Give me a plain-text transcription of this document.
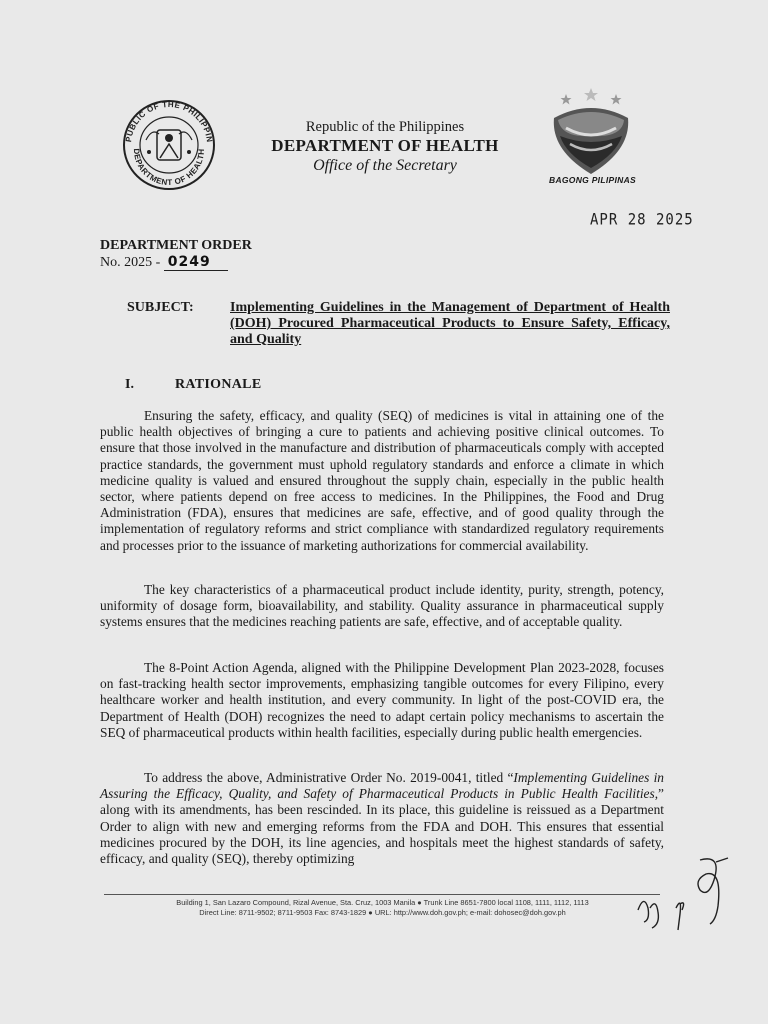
PUBLIC OF THE PHILIPPIN
DEPARTMENT OF HEALTH
Republic of the Philippines
DEPARTMENT OF HEALTH
Office of the Secretary
BAGONG PILIPINAS
APR 28 2025
DEPARTMENT ORDER
No. 2025 - 0249
SUBJECT:	Implementing Guidelines in the Management of Department of Health (DOH) Procured Pharmaceutical Products to Ensure Safety, Efficacy, and Quality
I.	RATIONALE
Ensuring the safety, efficacy, and quality (SEQ) of medicines is vital in attaining one of the public health objectives of bringing a cure to patients and achieving positive clinical outcomes. To ensure that those involved in the manufacture and distribution of pharmaceuticals comply with accepted practice standards, the government must uphold regulatory standards and enforce a climate in which medicine quality is valued and ensured throughout the supply chain, especially in the public health sector, where patients depend on free access to medicines. In the Philippines, the Food and Drug Administration (FDA), ensures that medicines are safe, effective, and of good quality through the implementation of regulatory reforms and strict compliance with standardized regulatory requirements and processes prior to the issuance of marketing authorizations for commercial availability.
The key characteristics of a pharmaceutical product include identity, purity, strength, potency, uniformity of dosage form, bioavailability, and stability. Quality assurance in pharmaceutical supply systems ensures that the medicines reaching patients are safe, effective, and of acceptable quality.
The 8-Point Action Agenda, aligned with the Philippine Development Plan 2023-2028, focuses on fast-tracking health sector improvements, emphasizing tangible outcomes for every Filipino, every healthcare worker and health institution, and every community. In light of the post-COVID era, the Department of Health (DOH) recognizes the need to adapt certain policy mechanisms to ascertain the SEQ of pharmaceutical products within health facilities, especially during public health emergencies.
To address the above, Administrative Order No. 2019-0041, titled “Implementing Guidelines in Assuring the Efficacy, Quality, and Safety of Pharmaceutical Products in Public Health Facilities,” along with its amendments, has been rescinded. In its place, this guideline is reissued as a Department Order to align with new and emerging reforms from the FDA and DOH. This ensures that essential medicines procured by the DOH, its line agencies, and hospitals meet the highest standards of safety, efficacy, and quality (SEQ), thereby optimizing
Building 1, San Lazaro Compound, Rizal Avenue, Sta. Cruz, 1003 Manila ● Trunk Line 8651-7800 local 1108, 1111, 1112, 1113
Direct Line: 8711-9502; 8711-9503 Fax: 8743-1829 ● URL: http://www.doh.gov.ph; e-mail: dohosec@doh.gov.ph
